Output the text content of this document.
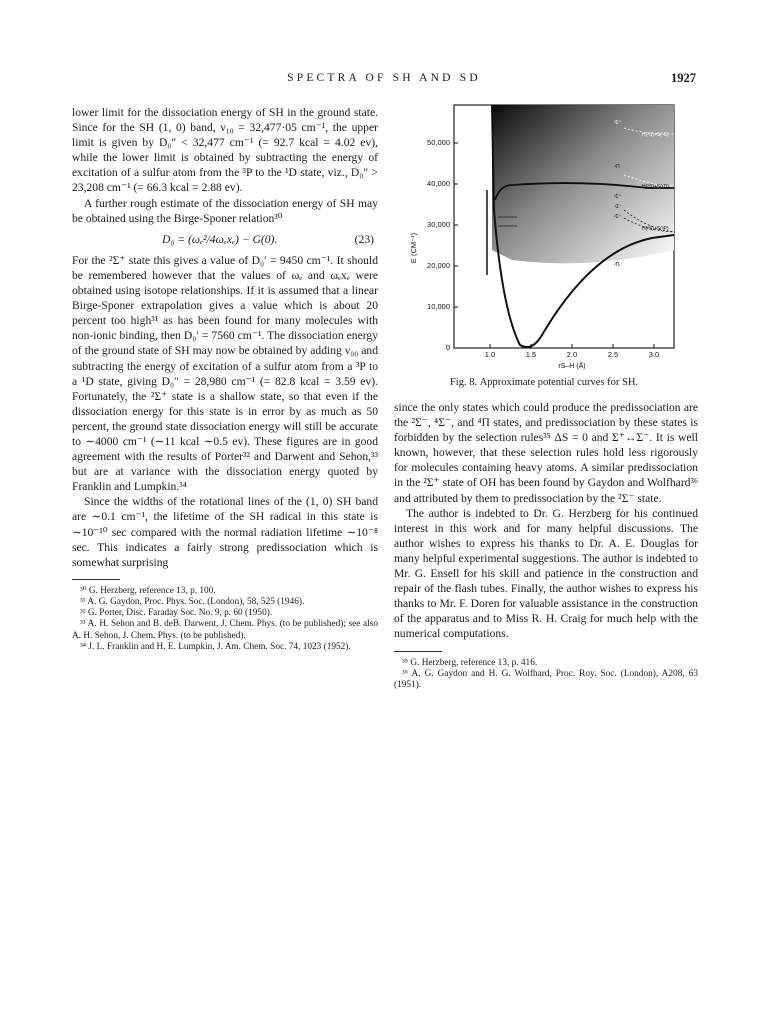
SPECTRA OF SH AND SD	1927

lower limit for the dissociation energy of SH in the ground state. Since for the SH (1, 0) band, ν₁₀ = 32,477·05 cm⁻¹, the upper limit is given by D₀″ < 32,477 cm⁻¹ (= 92.7 kcal = 4.02 ev), while the lower limit is obtained by subtracting the energy of excitation of a sulfur atom from the ³P to the ¹D state, viz., D₀″ > 23,208 cm⁻¹ (= 66.3 kcal = 2.88 ev).

A further rough estimate of the dissociation energy of SH may be obtained using the Birge-Sponer relation³⁰

D₀ = (ωₑ²/4ωₑxₑ) − G(0).	(23)

For the ²Σ⁺ state this gives a value of D₀′ = 9450 cm⁻¹. It should be remembered however that the values of ωₑ and ωₑxₑ were obtained using isotope relationships. If it is assumed that a linear Birge-Sponer extrapolation gives a value which is about 20 percent too high³¹ as has been found for many molecules with non-ionic binding, then D₀′ = 7560 cm⁻¹. The dissociation energy of the ground state of SH may now be obtained by adding ν₀₀ and subtracting the energy of excitation of a sulfur atom from a ³P to a ¹D state, giving D₀″ = 28,980 cm⁻¹ (= 82.8 kcal = 3.59 ev). Fortunately, the ²Σ⁺ state is a shallow state, so that even if the dissociation energy for this state is in error by as much as 50 percent, the ground state dissociation energy will still be accurate to ∼4000 cm⁻¹ (∼11 kcal ∼0.5 ev). These figures are in good agreement with the results of Porter³² and Darwent and Sehon,³³ but are at variance with the dissociation energy quoted by Franklin and Lumpkin.³⁴

Since the widths of the rotational lines of the (1, 0) SH band are ∼0.1 cm⁻¹, the lifetime of the SH radical in this state is ∼10⁻¹⁰ sec compared with the normal radiation lifetime ∼10⁻⁸ sec. This indicates a fairly strong predissociation which is somewhat surprising

³⁰ G. Herzberg, reference 13, p. 100.
³¹ A. G. Gaydon, Proc. Phys. Soc. (London), 58, 525 (1946).
³² G. Porter, Disc. Faraday Soc. No. 9, p. 60 (1950).
³³ A. H. Sehon and B. deB. Darwent, J. Chem. Phys. (to be published); see also A. H. Sehon, J. Chem. Phys. (to be published).
³⁴ J. L. Franklin and H. E. Lumpkin, J. Am. Chem. Soc. 74, 1023 (1952).
0
10,000
20,000
30,000
40,000
50,000
E (CM⁻¹)
1.0	1.5	2.0	2.5	3.0
rS–H (Å)
²Σ⁺
H(²S)+S(¹S)
⁴Π
H(²S)+S(¹D)
²Σ⁺
⁴Σ⁻
²Σ⁻
H(²S)+S(³P)
²Πᵢ
Fig. 8. Approximate potential curves for SH.

since the only states which could produce the predissociation are the ²Σ⁻, ⁴Σ⁻, and ⁴Π states, and predissociation by these states is forbidden by the selection rules³⁵ ΔS = 0 and Σ⁺↔Σ⁻. It is well known, however, that these selection rules hold less rigorously for molecules containing heavy atoms. A similar predissociation in the ²Σ⁺ state of OH has been found by Gaydon and Wolfhard³⁶ and attributed by them to predissociation by the ²Σ⁻ state.

The author is indebted to Dr. G. Herzberg for his continued interest in this work and for many helpful discussions. The author wishes to express his thanks to Dr. A. E. Douglas for many helpful experimental suggestions. The author is indebted to Mr. G. Ensell for his skill and patience in the construction and repair of the flash tubes. Finally, the author wishes to express his thanks to Mr. F. Doren for valuable assistance in the construction of the apparatus and to Miss R. H. Craig for much help with the numerical computations.

³⁵ G. Herzberg, reference 13, p. 416.
³⁶ A. G. Gaydon and H. G. Wolfhard, Proc. Roy. Soc. (London), A208, 63 (1951).
